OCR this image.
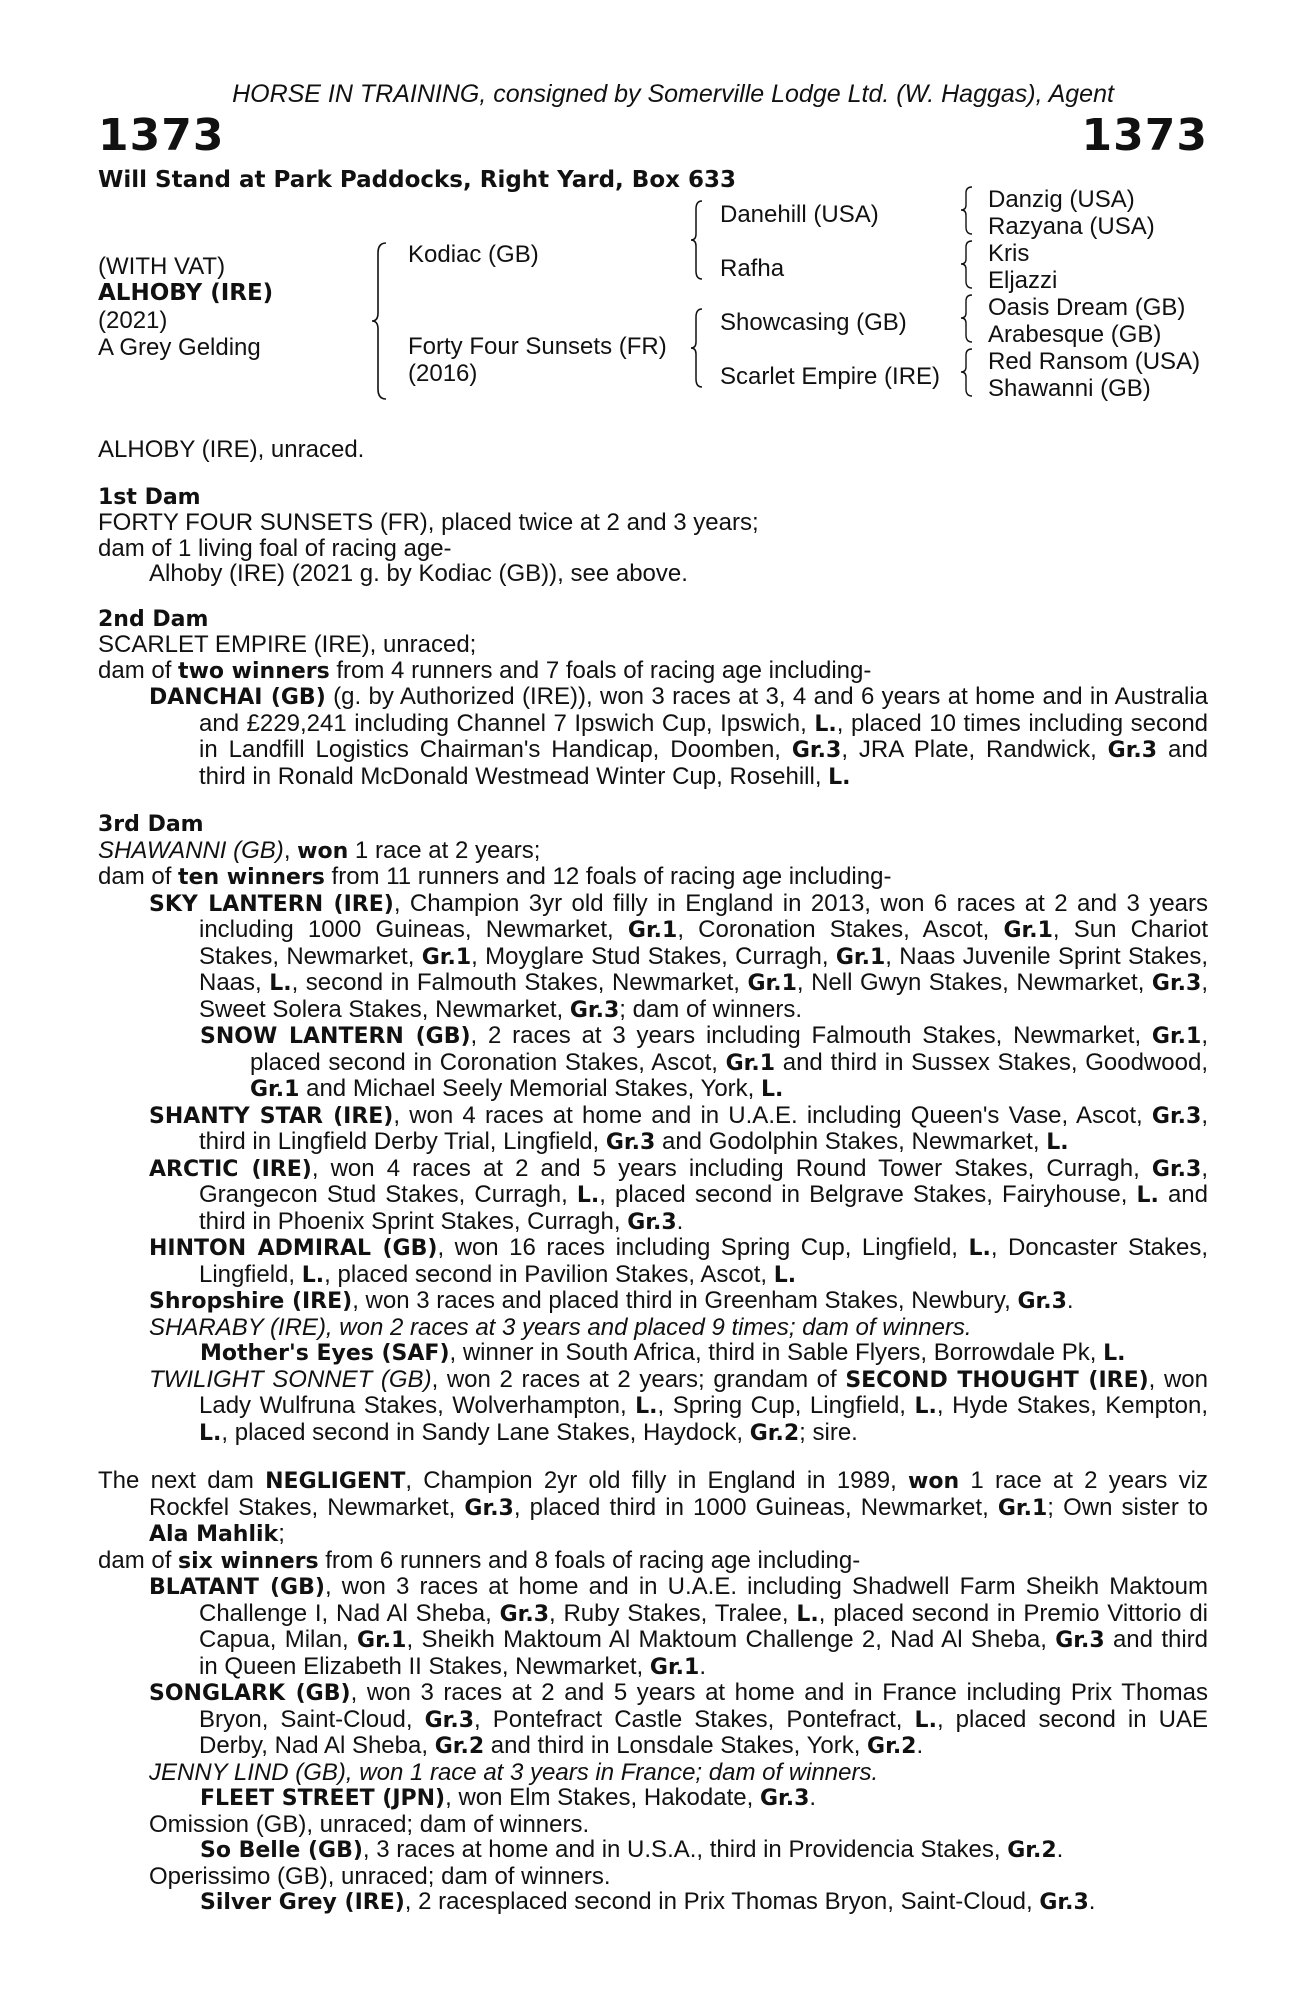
HORSE IN TRAINING, consigned by Somerville Lodge Ltd. (W. Haggas), Agent
1373	1373
Will Stand at Park Paddocks, Right Yard, Box 633
(WITH VAT)
ALHOBY (IRE)
(2021)
A Grey Gelding
Kodiac (GB)
Forty Four Sunsets (FR)
(2016)
Danehill (USA)
Rafha
Showcasing (GB)
Scarlet Empire (IRE)
Danzig (USA)
Razyana (USA)
Kris
Eljazzi
Oasis Dream (GB)
Arabesque (GB)
Red Ransom (USA)
Shawanni (GB)

ALHOBY (IRE), unraced.

1st Dam

FORTY FOUR SUNSETS (FR), placed twice at 2 and 3 years;

dam of 1 living foal of racing age-

Alhoby (IRE) (2021 g. by Kodiac (GB)), see above.

2nd Dam

SCARLET EMPIRE (IRE), unraced;

dam of two winners from 4 runners and 7 foals of racing age including-

DANCHAI (GB) (g. by Authorized (IRE)), won 3 races at 3, 4 and 6 years at home and in Australia and £229,241 including Channel 7 Ipswich Cup, Ipswich, L., placed 10 times including second in Landfill Logistics Chairman's Handicap, Doomben, Gr.3, JRA Plate, Randwick, Gr.3 and third in Ronald McDonald Westmead Winter Cup, Rosehill, L.

3rd Dam

SHAWANNI (GB), won 1 race at 2 years;

dam of ten winners from 11 runners and 12 foals of racing age including-

SKY LANTERN (IRE), Champion 3yr old filly in England in 2013, won 6 races at 2 and 3 years including 1000 Guineas, Newmarket, Gr.1, Coronation Stakes, Ascot, Gr.1, Sun Chariot Stakes, Newmarket, Gr.1, Moyglare Stud Stakes, Curragh, Gr.1, Naas Juvenile Sprint Stakes, Naas, L., second in Falmouth Stakes, Newmarket, Gr.1, Nell Gwyn Stakes, Newmarket, Gr.3, Sweet Solera Stakes, Newmarket, Gr.3; dam of winners.

SNOW LANTERN (GB), 2 races at 3 years including Falmouth Stakes, Newmarket, Gr.1, placed second in Coronation Stakes, Ascot, Gr.1 and third in Sussex Stakes, Goodwood, Gr.1 and Michael Seely Memorial Stakes, York, L.

SHANTY STAR (IRE), won 4 races at home and in U.A.E. including Queen's Vase, Ascot, Gr.3, third in Lingfield Derby Trial, Lingfield, Gr.3 and Godolphin Stakes, Newmarket, L.

ARCTIC (IRE), won 4 races at 2 and 5 years including Round Tower Stakes, Curragh, Gr.3, Grangecon Stud Stakes, Curragh, L., placed second in Belgrave Stakes, Fairyhouse, L. and third in Phoenix Sprint Stakes, Curragh, Gr.3.

HINTON ADMIRAL (GB), won 16 races including Spring Cup, Lingfield, L., Doncaster Stakes, Lingfield, L., placed second in Pavilion Stakes, Ascot, L.

Shropshire (IRE), won 3 races and placed third in Greenham Stakes, Newbury, Gr.3.

SHARABY (IRE), won 2 races at 3 years and placed 9 times; dam of winners.

Mother's Eyes (SAF), winner in South Africa, third in Sable Flyers, Borrowdale Pk, L.

TWILIGHT SONNET (GB), won 2 races at 2 years; grandam of SECOND THOUGHT (IRE), won Lady Wulfruna Stakes, Wolverhampton, L., Spring Cup, Lingfield, L., Hyde Stakes, Kempton, L., placed second in Sandy Lane Stakes, Haydock, Gr.2; sire.

The next dam NEGLIGENT, Champion 2yr old filly in England in 1989, won 1 race at 2 years viz Rockfel Stakes, Newmarket, Gr.3, placed third in 1000 Guineas, Newmarket, Gr.1; Own sister to Ala Mahlik;

dam of six winners from 6 runners and 8 foals of racing age including-

BLATANT (GB), won 3 races at home and in U.A.E. including Shadwell Farm Sheikh Maktoum Challenge I, Nad Al Sheba, Gr.3, Ruby Stakes, Tralee, L., placed second in Premio Vittorio di Capua, Milan, Gr.1, Sheikh Maktoum Al Maktoum Challenge 2, Nad Al Sheba, Gr.3 and third in Queen Elizabeth II Stakes, Newmarket, Gr.1.

SONGLARK (GB), won 3 races at 2 and 5 years at home and in France including Prix Thomas Bryon, Saint-Cloud, Gr.3, Pontefract Castle Stakes, Pontefract, L., placed second in UAE Derby, Nad Al Sheba, Gr.2 and third in Lonsdale Stakes, York, Gr.2.

JENNY LIND (GB), won 1 race at 3 years in France; dam of winners.

FLEET STREET (JPN), won Elm Stakes, Hakodate, Gr.3.

Omission (GB), unraced; dam of winners.

So Belle (GB), 3 races at home and in U.S.A., third in Providencia Stakes, Gr.2.

Operissimo (GB), unraced; dam of winners.

Silver Grey (IRE), 2 racesplaced second in Prix Thomas Bryon, Saint-Cloud, Gr.3.
